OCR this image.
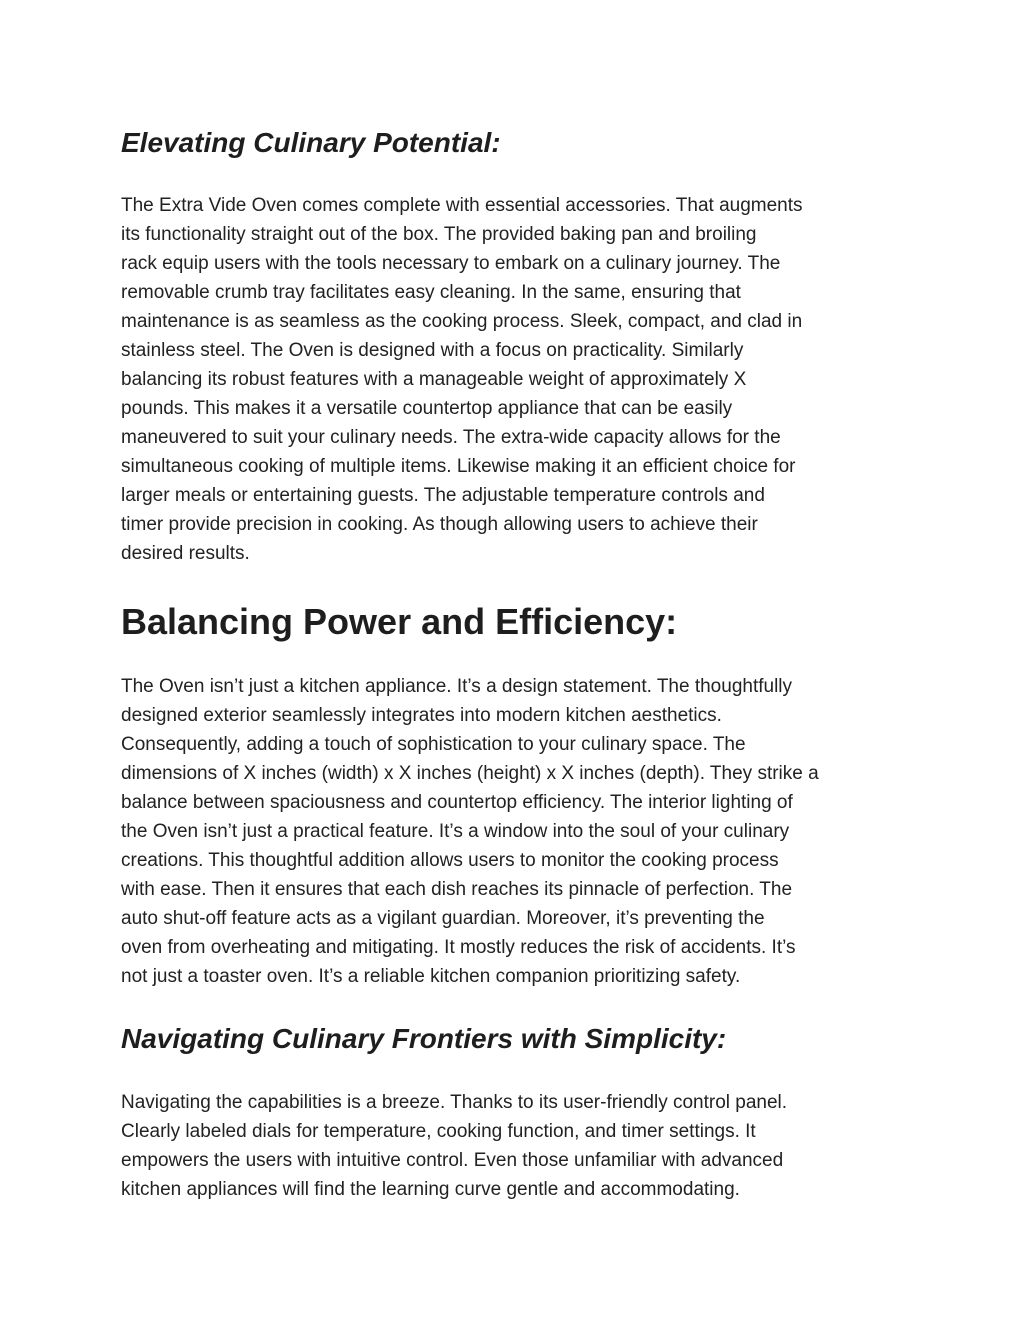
Elevating Culinary Potential:
The Extra Vide Oven comes complete with essential accessories. That augments
its functionality straight out of the box. The provided baking pan and broiling
rack equip users with the tools necessary to embark on a culinary journey. The
removable crumb tray facilitates easy cleaning. In the same, ensuring that
maintenance is as seamless as the cooking process. Sleek, compact, and clad in
stainless steel. The Oven is designed with a focus on practicality. Similarly
balancing its robust features with a manageable weight of approximately X
pounds. This makes it a versatile countertop appliance that can be easily
maneuvered to suit your culinary needs. The extra-wide capacity allows for the
simultaneous cooking of multiple items. Likewise making it an efficient choice for
larger meals or entertaining guests. The adjustable temperature controls and
timer provide precision in cooking. As though allowing users to achieve their
desired results.
Balancing Power and Efficiency:
The Oven isn’t just a kitchen appliance. It’s a design statement. The thoughtfully
designed exterior seamlessly integrates into modern kitchen aesthetics.
Consequently, adding a touch of sophistication to your culinary space. The
dimensions of X inches (width) x X inches (height) x X inches (depth). They strike a
balance between spaciousness and countertop efficiency. The interior lighting of
the Oven isn’t just a practical feature. It’s a window into the soul of your culinary
creations. This thoughtful addition allows users to monitor the cooking process
with ease. Then it ensures that each dish reaches its pinnacle of perfection. The
auto shut-off feature acts as a vigilant guardian. Moreover, it’s preventing the
oven from overheating and mitigating. It mostly reduces the risk of accidents. It’s
not just a toaster oven. It’s a reliable kitchen companion prioritizing safety.
Navigating Culinary Frontiers with Simplicity:
Navigating the capabilities is a breeze. Thanks to its user-friendly control panel.
Clearly labeled dials for temperature, cooking function, and timer settings. It
empowers the users with intuitive control. Even those unfamiliar with advanced
kitchen appliances will find the learning curve gentle and accommodating.
